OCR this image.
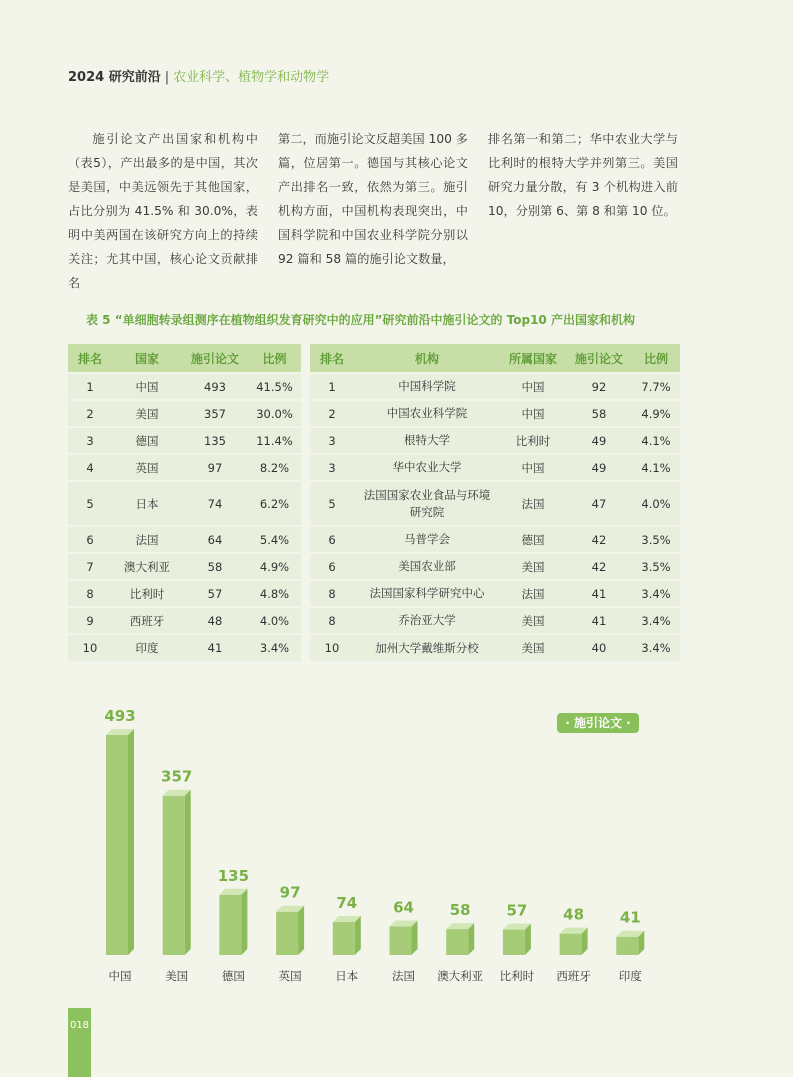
2024 研究前沿 | 农业科学、植物学和动物学

施引论文产出国家和机构中（表5），产出最多的是中国，其次是美国，中美远领先于其他国家，占比分别为 41.5% 和 30.0%，表明中美两国在该研究方向上的持续关注；尤其中国，核心论文贡献排名

第二，而施引论文反超美国 100 多篇，位居第一。德国与其核心论文产出排名一致，依然为第三。施引机构方面，中国机构表现突出，中国科学院和中国农业科学院分别以 92 篇和 58 篇的施引论文数量，

排名第一和第二；华中农业大学与比利时的根特大学并列第三。美国研究力量分散，有 3 个机构进入前 10，分别第 6、第 8 和第 10 位。

表 5 “单细胞转录组测序在植物组织发育研究中的应用”研究前沿中施引论文的 Top10 产出国家和机构
排名	国家	施引论文	比例
1	中国	493	41.5%
2	美国	357	30.0%
3	德国	135	11.4%
4	英国	97	8.2%
5	日本	74	6.2%
6	法国	64	5.4%
7	澳大利亚	58	4.9%
8	比利时	57	4.8%
9	西班牙	48	4.0%
10	印度	41	3.4%
排名	机构	所属国家	施引论文	比例
1	中国科学院	中国	92	7.7%
2	中国农业科学院	中国	58	4.9%
3	根特大学	比利时	49	4.1%
3	华中农业大学	中国	49	4.1%
5	法国国家农业食品与环境研究院	法国	47	4.0%
6	马普学会	德国	42	3.5%
6	美国农业部	美国	42	3.5%
8	法国国家科学研究中心	法国	41	3.4%
8	乔治亚大学	美国	41	3.4%
10	加州大学戴维斯分校	美国	40	3.4%
· 施引论文 ·
493
中国
357
美国
135
德国
97
英国
74
日本
64
法国
58
澳大利亚
57
比利时
48
西班牙
41
印度
018
